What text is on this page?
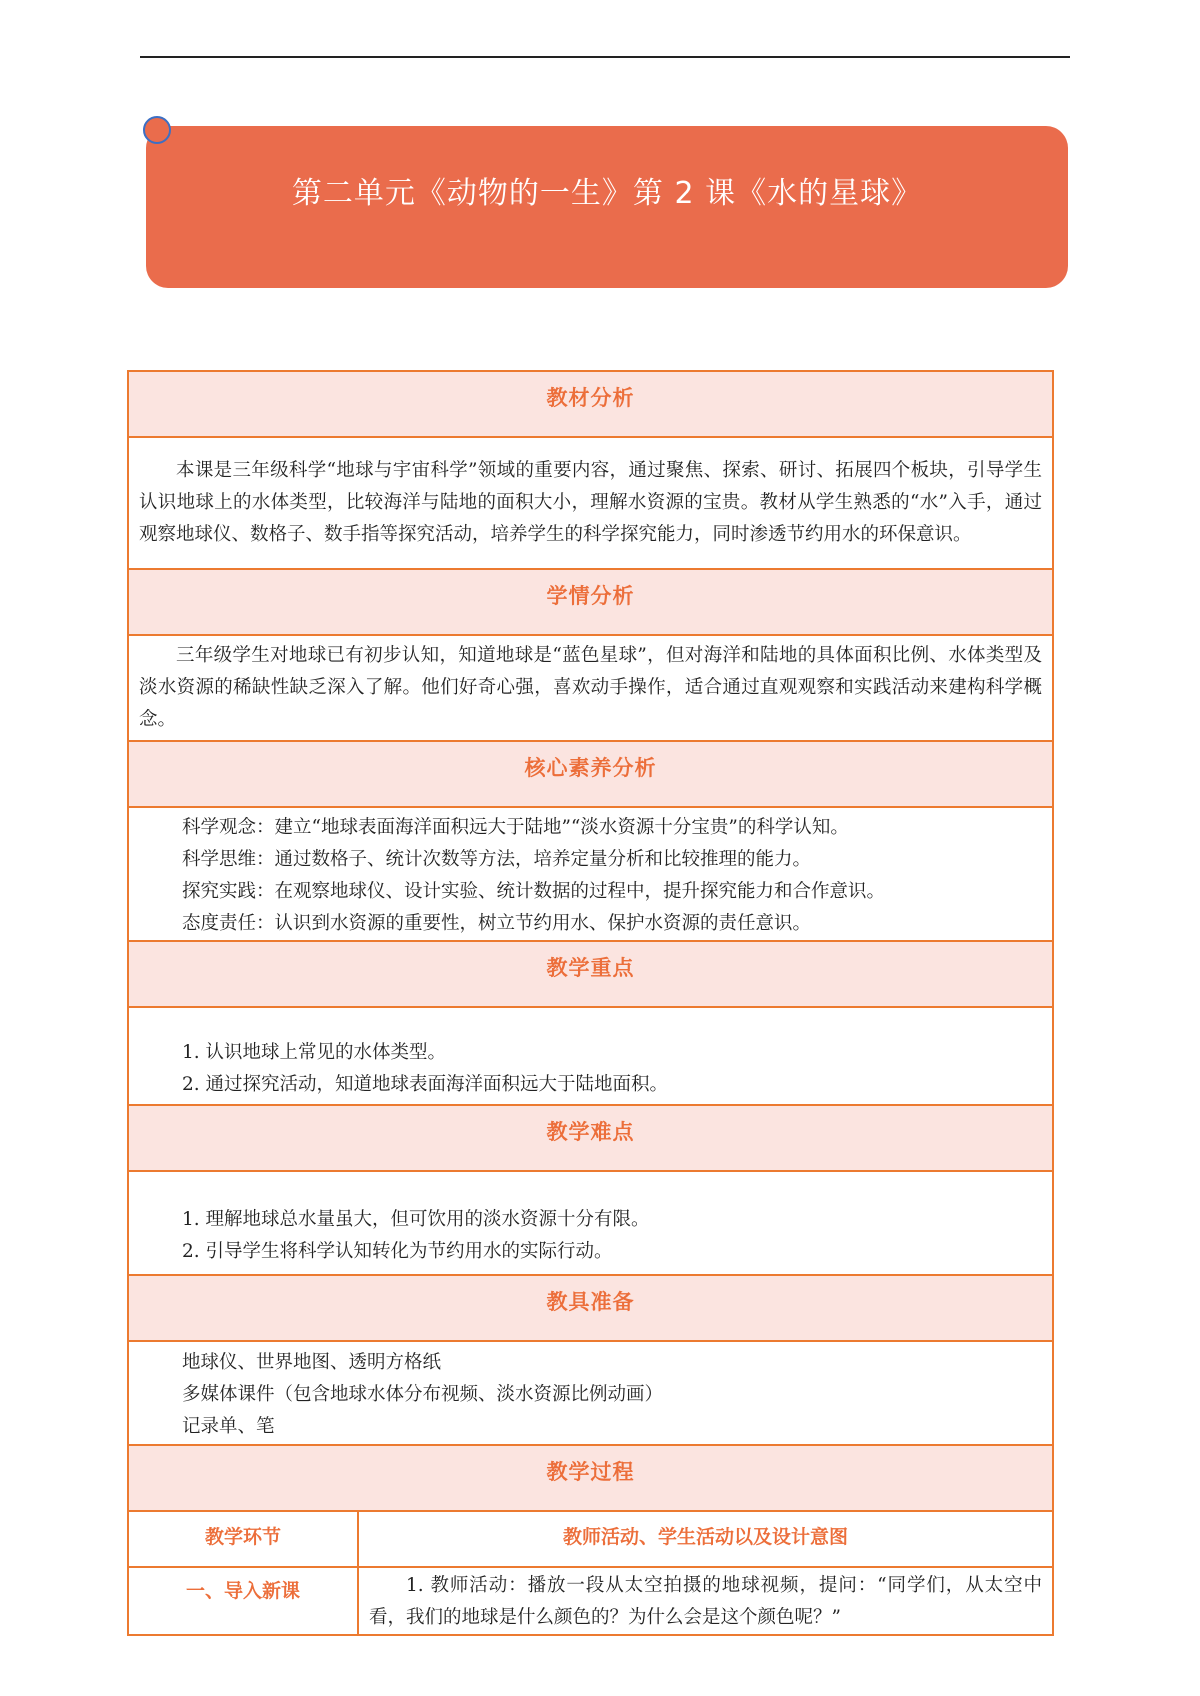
第二单元《动物的一生》第 2 课《水的星球》
教材分析	

本课是三年级科学“地球与宇宙科学”领域的重要内容，通过聚焦、探索、研讨、拓展四个板块，引导学生认识地球上的水体类型，比较海洋与陆地的面积大小，理解水资源的宝贵。教材从学生熟悉的“水”入手，通过观察地球仪、数格子、数手指等探究活动，培养学生的科学探究能力，同时渗透节约用水的环保意识。	

学情分析	

三年级学生对地球已有初步认知，知道地球是“蓝色星球”，但对海洋和陆地的具体面积比例、水体类型及淡水资源的稀缺性缺乏深入了解。他们好奇心强，喜欢动手操作，适合通过直观观察和实践活动来建构科学概念。	

核心素养分析	

科学观念：建立“地球表面海洋面积远大于陆地”“淡水资源十分宝贵”的科学认知。
科学思维：通过数格子、统计次数等方法，培养定量分析和比较推理的能力。
探究实践：在观察地球仪、设计实验、统计数据的过程中，提升探究能力和合作意识。
态度责任：认识到水资源的重要性，树立节约用水、保护水资源的责任意识。	

教学重点	

1. 认识地球上常见的水体类型。
2. 通过探究活动，知道地球表面海洋面积远大于陆地面积。	

教学难点	

1. 理解地球总水量虽大，但可饮用的淡水资源十分有限。
2. 引导学生将科学认知转化为节约用水的实际行动。	

教具准备	

地球仪、世界地图、透明方格纸
多媒体课件（包含地球水体分布视频、淡水资源比例动画）
记录单、笔	

教学过程	
教学环节	教师活动、学生活动以及设计意图
一、导入新课	1. 教师活动：播放一段从太空拍摄的地球视频，提问：“同学们，从太空中看，我们的地球是什么颜色的？为什么会是这个颜色呢？”
